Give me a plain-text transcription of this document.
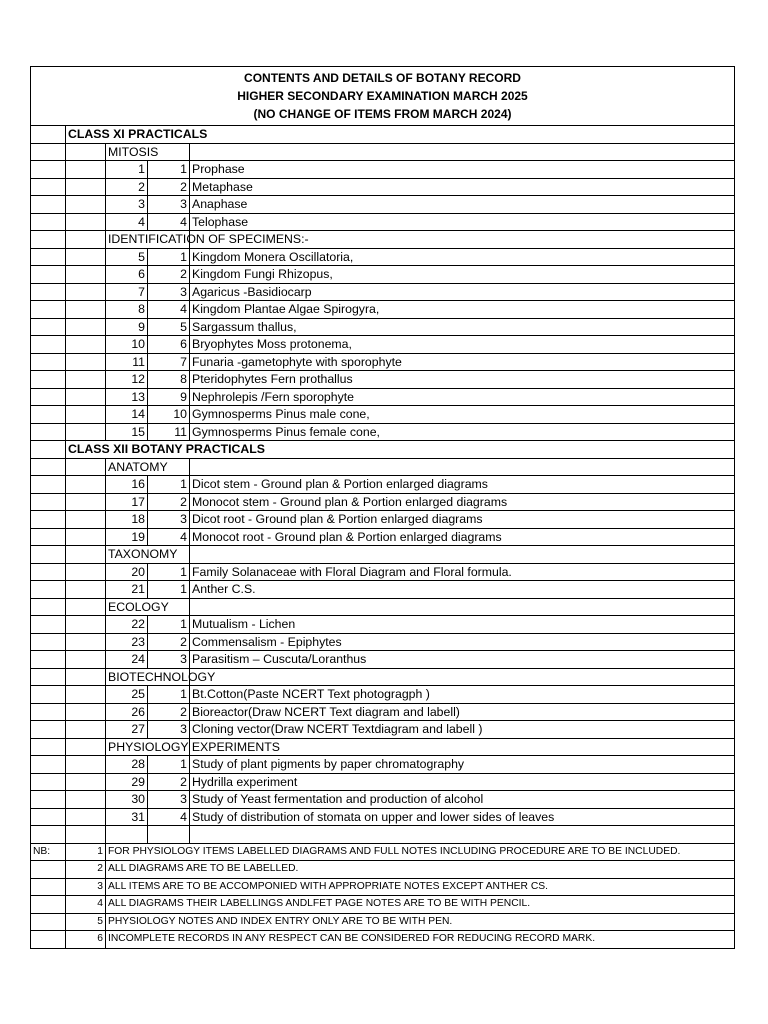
CONTENTS AND DETAILS OF BOTANY RECORD
HIGHER SECONDARY EXAMINATION MARCH 2025
(NO CHANGE OF ITEMS FROM MARCH 2024)				

	CLASS XI PRACTICALS			
		MITOSIS		
		1	1	Prophase
		2	2	Metaphase
		3	3	Anaphase
		4	4	Telophase
		IDENTIFICATION OF SPECIMENS:-		
		5	1	Kingdom Monera Oscillatoria,
		6	2	Kingdom Fungi Rhizopus,
		7	3	Agaricus -Basidiocarp
		8	4	Kingdom Plantae Algae Spirogyra,
		9	5	Sargassum thallus,
		10	6	Bryophytes Moss protonema,
		11	7	Funaria -gametophyte with sporophyte
		12	8	Pteridophytes Fern prothallus
		13	9	Nephrolepis /Fern sporophyte
		14	10	Gymnosperms Pinus male cone,
		15	11	Gymnosperms Pinus female cone,
	CLASS XII BOTANY PRACTICALS			
		ANATOMY		
		16	1	Dicot stem - Ground plan & Portion enlarged diagrams
		17	2	Monocot stem - Ground plan & Portion enlarged diagrams
		18	3	Dicot root - Ground plan & Portion enlarged diagrams
		19	4	Monocot root - Ground plan & Portion enlarged diagrams
		TAXONOMY		
		20	1	Family Solanaceae with Floral Diagram and Floral formula.
		21	1	Anther C.S.
		ECOLOGY		
		22	1	Mutualism - Lichen
		23	2	Commensalism - Epiphytes
		24	3	Parasitism – Cuscuta/Loranthus
		BIOTECHNOLOGY		
		25	1	Bt.Cotton(Paste NCERT Text photogragph )
		26	2	Bioreactor(Draw NCERT Text diagram and labell)
		27	3	Cloning vector(Draw NCERT Textdiagram and labell )
		PHYSIOLOGY EXPERIMENTS		
		28	1	Study of plant pigments by paper chromatography
		29	2	Hydrilla experiment
		30	3	Study of Yeast fermentation and production of alcohol
		31	4	Study of distribution of stomata on upper and lower sides of leaves

NB:	1	FOR PHYSIOLOGY ITEMS LABELLED DIAGRAMS AND FULL NOTES INCLUDING PROCEDURE ARE TO BE INCLUDED.		
	2	ALL DIAGRAMS ARE TO BE LABELLED.		
	3	ALL ITEMS ARE TO BE ACCOMPONIED WITH APPROPRIATE NOTES EXCEPT ANTHER CS.		
	4	ALL DIAGRAMS THEIR LABELLINGS ANDLFET PAGE NOTES ARE TO BE WITH PENCIL.		
	5	PHYSIOLOGY NOTES AND INDEX ENTRY ONLY ARE TO BE WITH PEN.		
	6	INCOMPLETE RECORDS IN ANY RESPECT CAN BE CONSIDERED FOR REDUCING RECORD MARK.		
